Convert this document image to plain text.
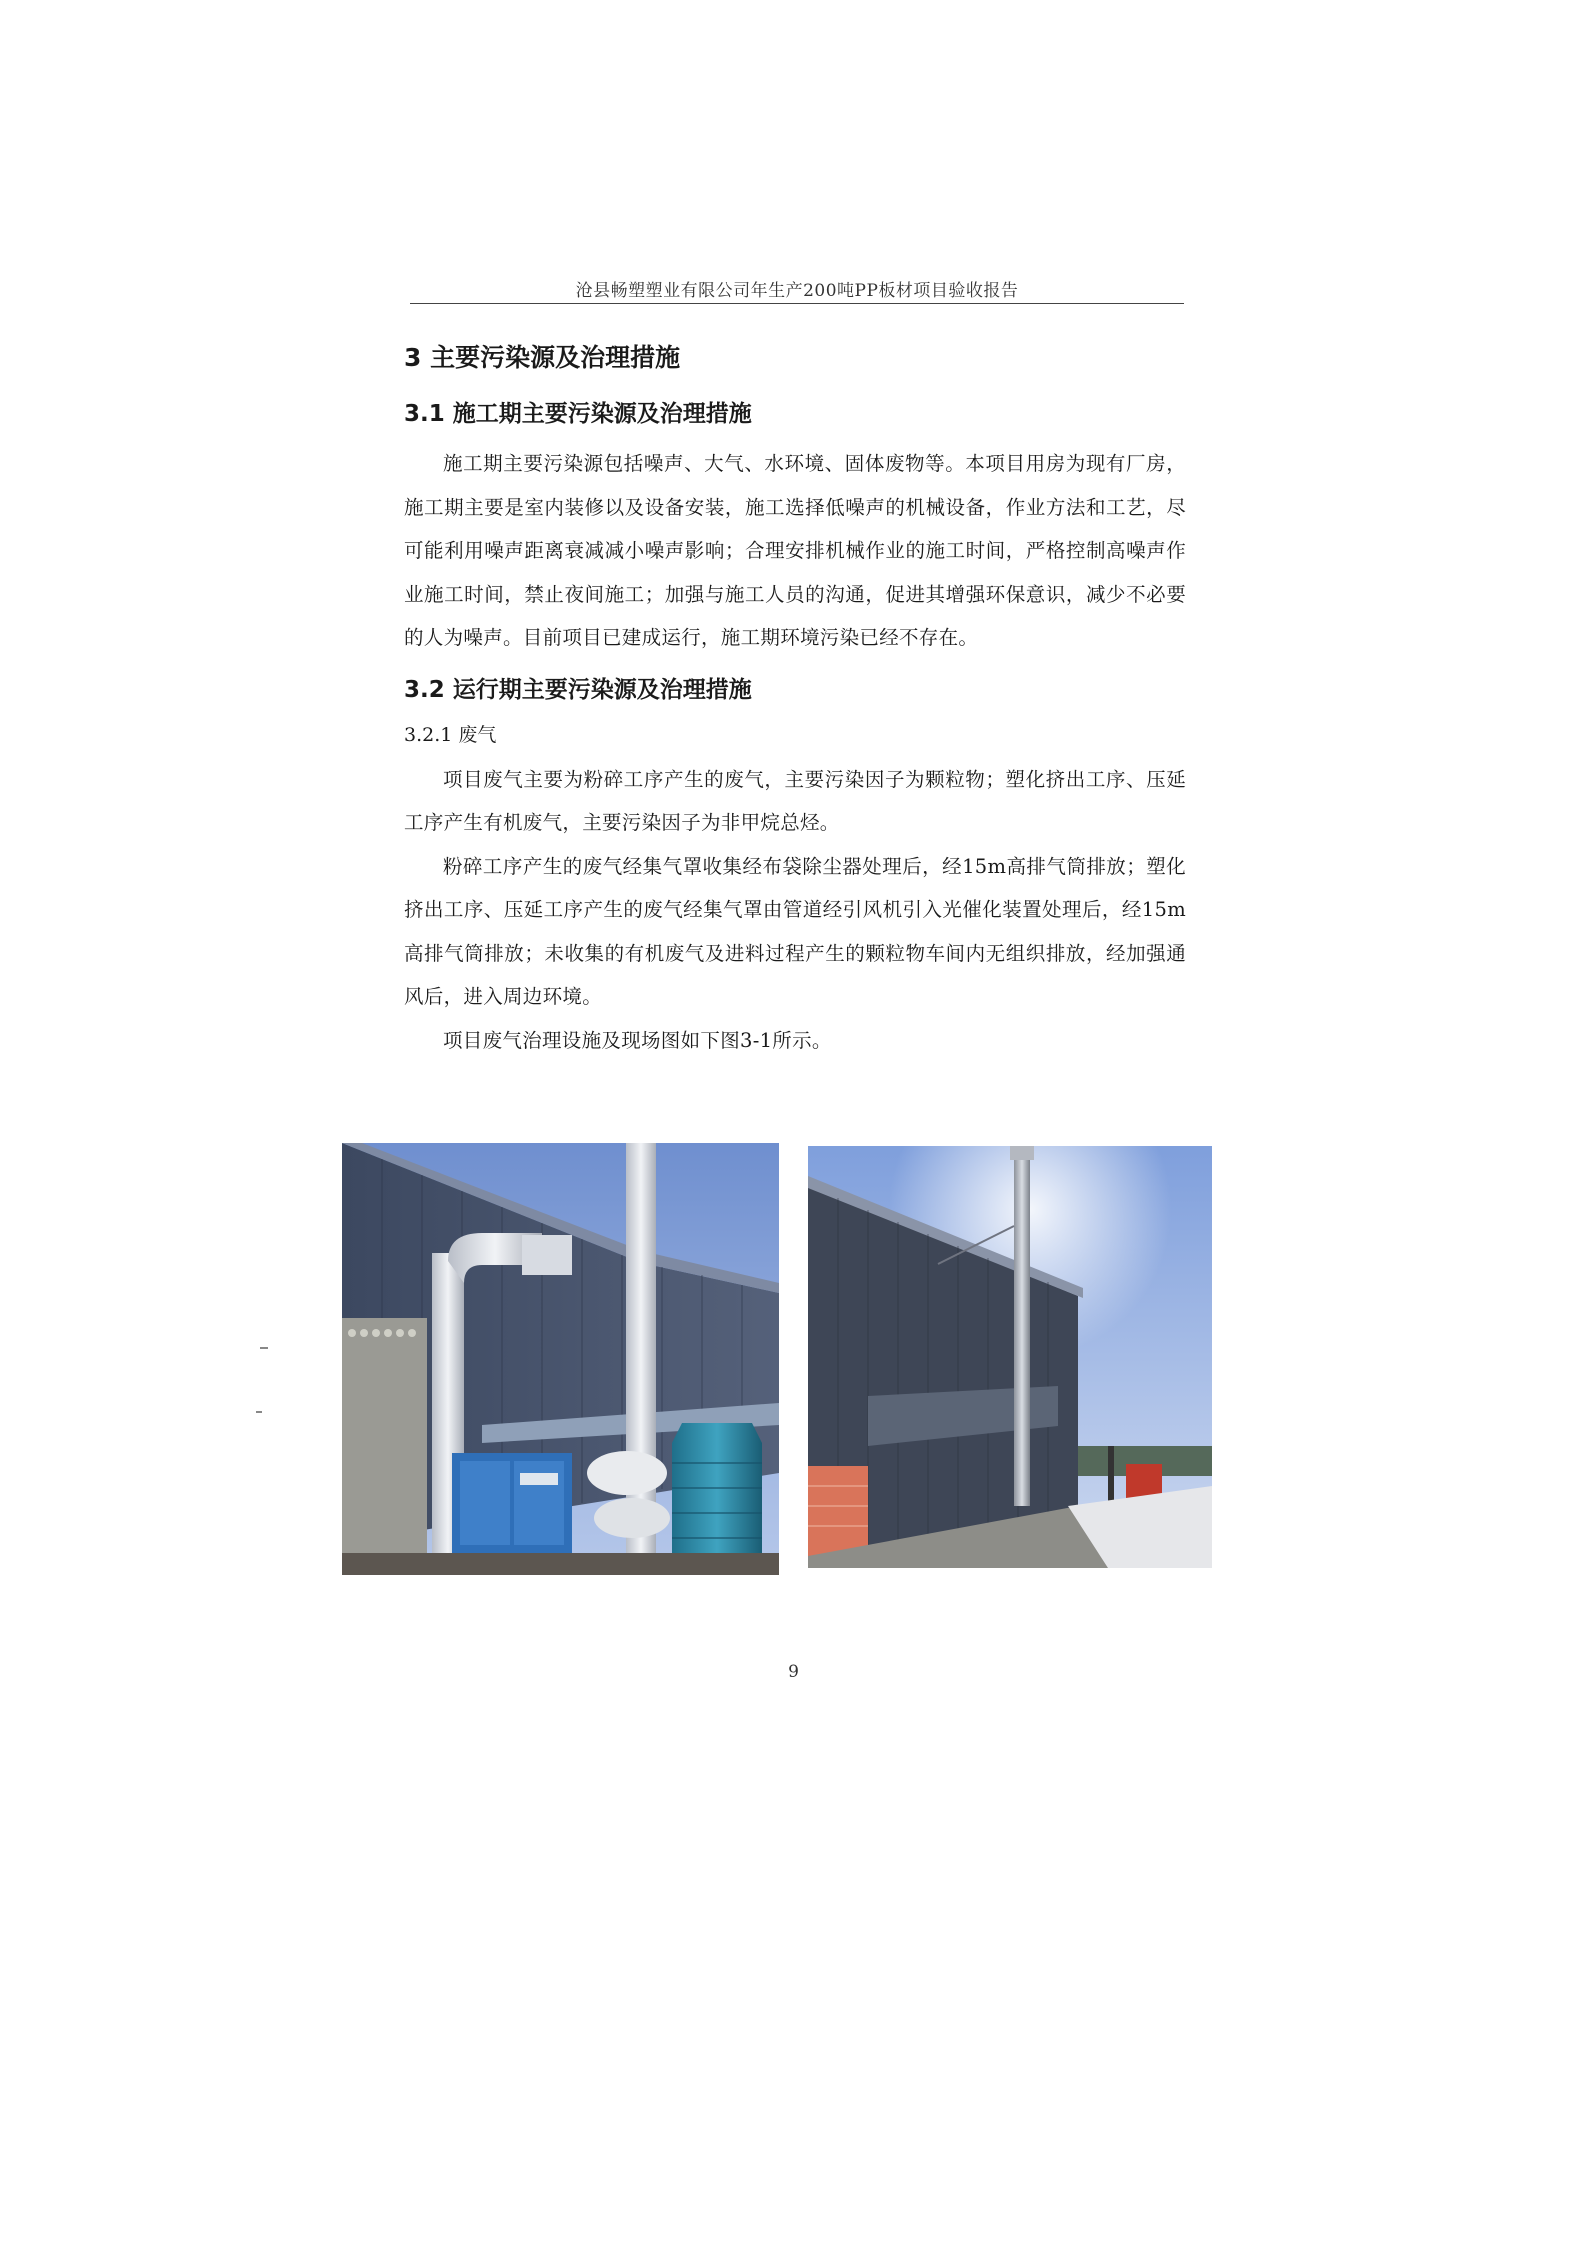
沧县畅塑塑业有限公司年生产200吨PP板材项目验收报告
3 主要污染源及治理措施
3.1 施工期主要污染源及治理措施

施工期主要污染源包括噪声、大气、水环境、固体废物等。本项目用房为现有厂房，施工期主要是室内装修以及设备安装，施工选择低噪声的机械设备，作业方法和工艺，尽可能利用噪声距离衰减减小噪声影响；合理安排机械作业的施工时间，严格控制高噪声作业施工时间，禁止夜间施工；加强与施工人员的沟通，促进其增强环保意识，减少不必要的人为噪声。目前项目已建成运行，施工期环境污染已经不存在。

3.2 运行期主要污染源及治理措施
3.2.1 废气

项目废气主要为粉碎工序产生的废气，主要污染因子为颗粒物；塑化挤出工序、压延工序产生有机废气，主要污染因子为非甲烷总烃。

粉碎工序产生的废气经集气罩收集经布袋除尘器处理后，经15m高排气筒排放；塑化挤出工序、压延工序产生的废气经集气罩由管道经引风机引入光催化装置处理后，经15m高排气筒排放；未收集的有机废气及进料过程产生的颗粒物车间内无组织排放，经加强通风后，进入周边环境。

项目废气治理设施及现场图如下图3-1所示。

9
